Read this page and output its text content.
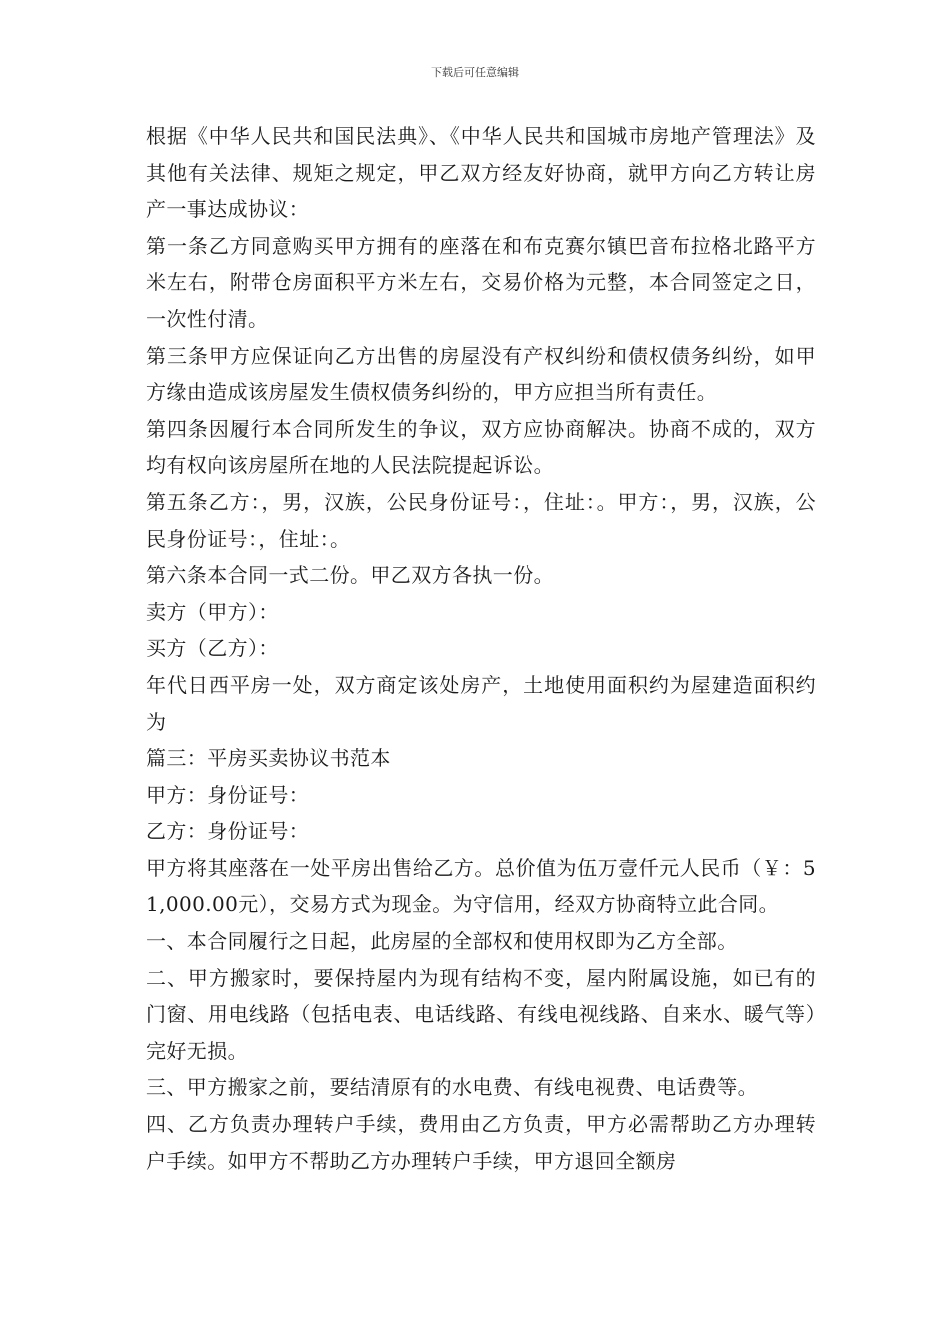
下载后可任意编辑

根据《中华人民共和国民法典》、《中华人民共和国城市房地产管理法》及其他有关法律、规矩之规定，甲乙双方经友好协商，就甲方向乙方转让房产一事达成协议：

第一条乙方同意购买甲方拥有的座落在和布克赛尔镇巴音布拉格北路平方米左右，附带仓房面积平方米左右，交易价格为元整，本合同签定之日，一次性付清。

第三条甲方应保证向乙方出售的房屋没有产权纠纷和债权债务纠纷，如甲方缘由造成该房屋发生债权债务纠纷的，甲方应担当所有责任。

第四条因履行本合同所发生的争议，双方应协商解决。协商不成的，双方均有权向该房屋所在地的人民法院提起诉讼。

第五条乙方：，男，汉族，公民身份证号：，住址：。甲方：，男，汉族，公民身份证号：，住址：。

第六条本合同一式二份。甲乙双方各执一份。

卖方（甲方）：

买方（乙方）：

年代日西平房一处，双方商定该处房产，土地使用面积约为屋建造面积约为

篇三：平房买卖协议书范本

甲方：身份证号：

乙方：身份证号：

甲方将其座落在一处平房出售给乙方。总价值为伍万壹仟元人民币（￥：51,000.00元），交易方式为现金。为守信用，经双方协商特立此合同。

一、本合同履行之日起，此房屋的全部权和使用权即为乙方全部。

二、甲方搬家时，要保持屋内为现有结构不变，屋内附属设施，如已有的门窗、用电线路（包括电表、电话线路、有线电视线路、自来水、暖气等）完好无损。

三、甲方搬家之前，要结清原有的水电费、有线电视费、电话费等。

四、乙方负责办理转户手续，费用由乙方负责，甲方必需帮助乙方办理转户手续。如甲方不帮助乙方办理转户手续，甲方退回全额房
